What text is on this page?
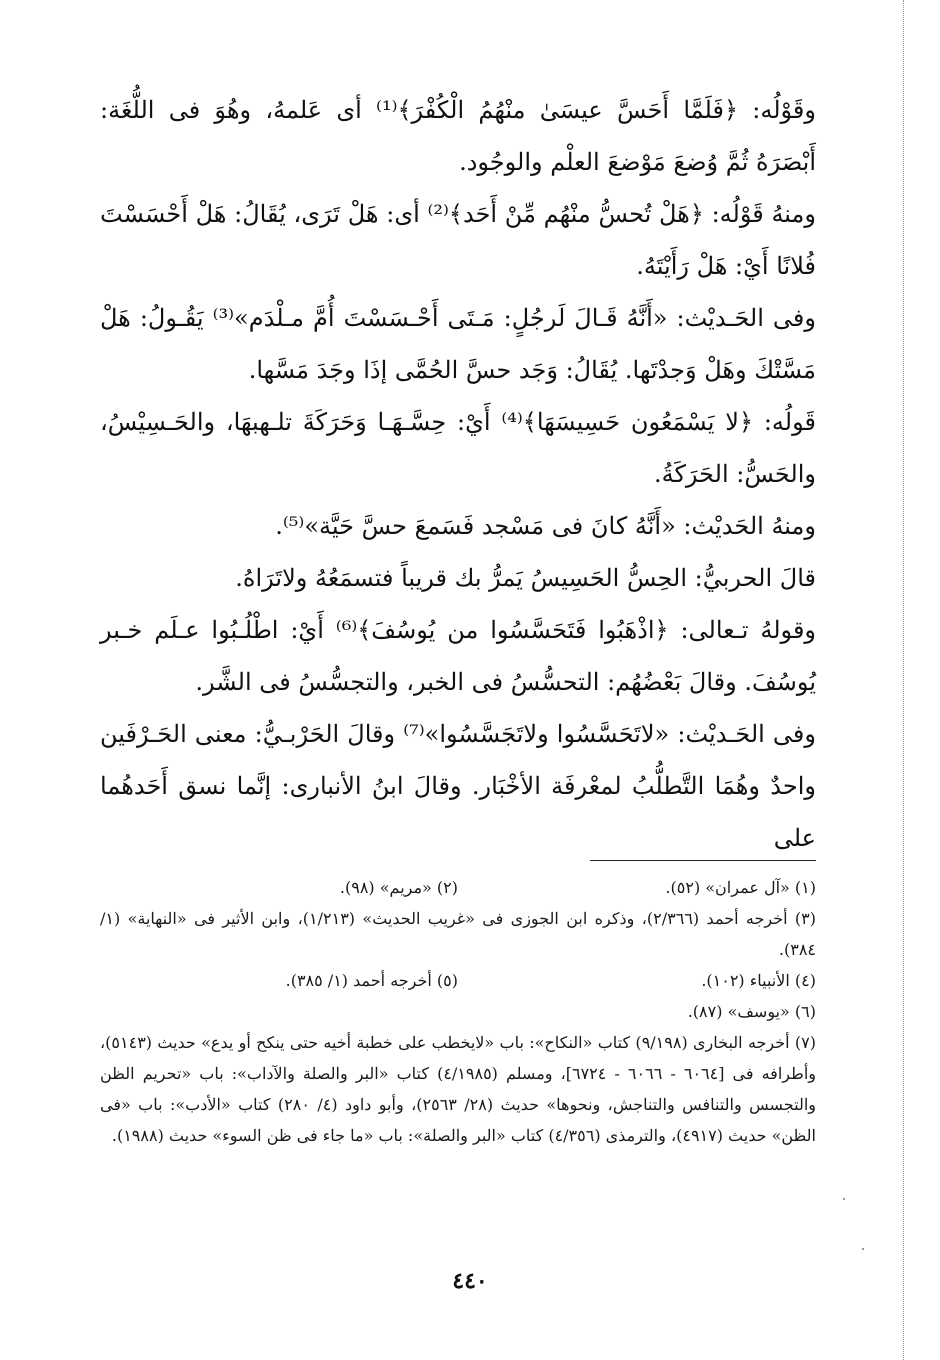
وقَوْلُه: ﴿فَلَمَّا أَحَسَّ عيسَىٰ منْهُمُ الْكُفْرَ﴾⁽¹⁾ أى عَلمهُ، وهُوَ فى اللُّغَة: أَبْصَرَهُ ثُمَّ وُضعَ مَوْضعَ العلْم والوجُود.

ومنهُ قَوْلُه: ﴿هَلْ تُحسُّ منْهُم مِّنْ أَحَد﴾⁽²⁾ أى: هَلْ تَرَى، يُقَالُ: هَلْ أَحْسَسْتَ فُلانًا أَيْ: هَلْ رَأَيْتَهُ.

وفى الحَـديْث: «أَنَّهُ قَـالَ لَرجُلٍ: مَـتَى أَحْـسَسْتَ أُمَّ مـلْدَم»⁽³⁾ يَقُـولُ: هَلْ مَسَّتْكَ وهَلْ وَجدْتَها. يُقَالُ: وَجَد حسَّ الحُمَّى إذَا وجَدَ مَسَّها.

قَولُه: ﴿لا يَسْمَعُون حَسِيسَهَا﴾⁽⁴⁾ أَيْ: حِسَّـهَـا وَحَرَكَةَ تلـهبهَا، والحَـسِيْسُ، والحَسُّ: الحَرَكَةُ.

ومنهُ الحَديْث: «أَنَّهُ كانَ فى مَسْجد فَسَمعَ حسَّ حَيَّة»⁽⁵⁾.

قالَ الحربيُّ: الحِسُّ الحَسِيسُ يَمرُّ بك قريباً فتسمَعُهُ ولاتَرَاهُ.

وقولهُ تـعالى: ﴿اذْهَبُوا فَتَحَسَّسُوا من يُوسُفَ﴾⁽⁶⁾ أَيْ: اطْلُـبُوا عـلَم خـبر يُوسُفَ. وقالَ بَعْضُهُم: التحسُّسُ فى الخبر، والتجسُّسُ فى الشَّر.

وفى الحَـديْث: «لاتَحَسَّسُوا ولاتَجَسَّسُوا»⁽⁷⁾ وقالَ الحَرْبـيُّ: معنى الحَـرْفَين واحدٌ وهُمَا التَّطلُّبُ لمعْرفَة الأخْبَار. وقالَ ابنُ الأنبارى: إنَّما نسق أَحَدهُما على

(١) «آل عمران» (٥٢).
(٢) «مريم» (٩٨).

(٣) أخرجه أحمد (٢/٣٦٦)، وذكره ابن الجوزى فى «غريب الحديث» (١/٢١٣)، وابن الأثير فى «النهاية» (١/ ٣٨٤).

(٤) الأنبياء (١٠٢).
(٥) أخرجه أحمد (١/ ٣٨٥).

(٦) «يوسف» (٨٧).

(٧) أخرجه البخارى (٩/١٩٨) كتاب «النكاح»: باب «لايخطب على خطبة أخيه حتى ينكح أو يدع» حديث (٥١٤٣)، وأطرافه فى [٦٠٦٤ - ٦٠٦٦ - ٦٧٢٤]، ومسلم (٤/١٩٨٥) كتاب «البر والصلة والآداب»: باب «تحريم الظن والتجسس والتنافس والتناجش، ونحوها» حديث (٢٨/ ٢٥٦٣)، وأبو داود (٤/ ٢٨٠) كتاب «الأدب»: باب «فى الظن» حديث (٤٩١٧)، والترمذى (٤/٣٥٦) كتاب «البر والصلة»: باب «ما جاء فى ظن السوء» حديث (١٩٨٨).

٤٤٠
